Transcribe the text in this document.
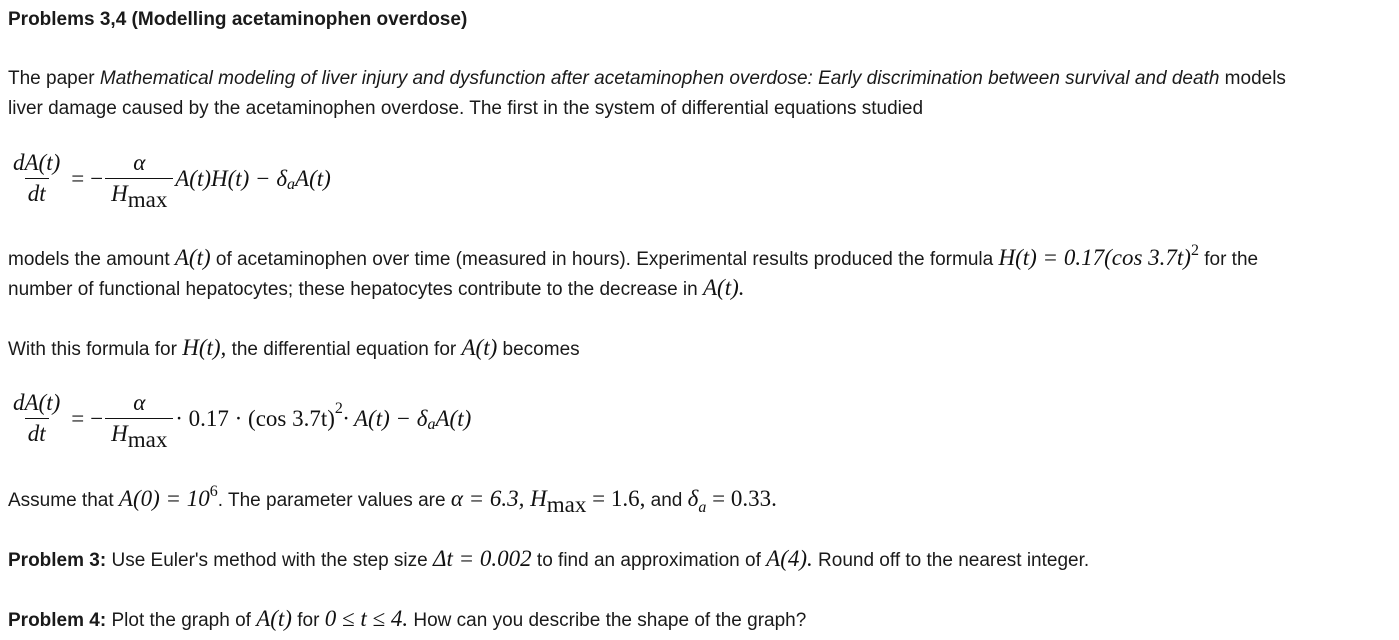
Problems 3,4 (Modelling acetaminophen overdose)
The paper Mathematical modeling of liver injury and dysfunction after acetaminophen overdose: Early discrimination between survival and death models
liver damage caused by the acetaminophen overdose. The first in the system of differential equations studied
$\frac{dA(t)}{dt}$ = − $\frac{\alpha}{Hmax} A(t)H(t) - \delta$ a A(t)
models the amount A(t) of acetaminophen over time (measured in hours). Experimental results produced the formula H(t) = 0.17(cos 3.7t)$^2$ for the
number of functional hepatocytes; these hepatocytes contribute to the decrease in A(t).
With this formula for H(t), the differential equation for A(t) becomes
$\frac{dA(t)}{dt}$ = − $\frac{\alpha}{Hmax} \cdot 0.17 \cdot (\cos$ 3.7t) 2 · A(t) − δ a A(t)
Assume that $A(0) = 10^6$. The parameter values are α = 6.3, Hmax = 1.6, and $\delta_a = 0.33$.
Problem 3: Use Euler's method with the step size Δt = 0.002 to find an approximation of A(4). Round off to the nearest integer.
Problem 4: Plot the graph of A(t) for 0 ≤ t ≤ 4. How can you describe the shape of the graph?
